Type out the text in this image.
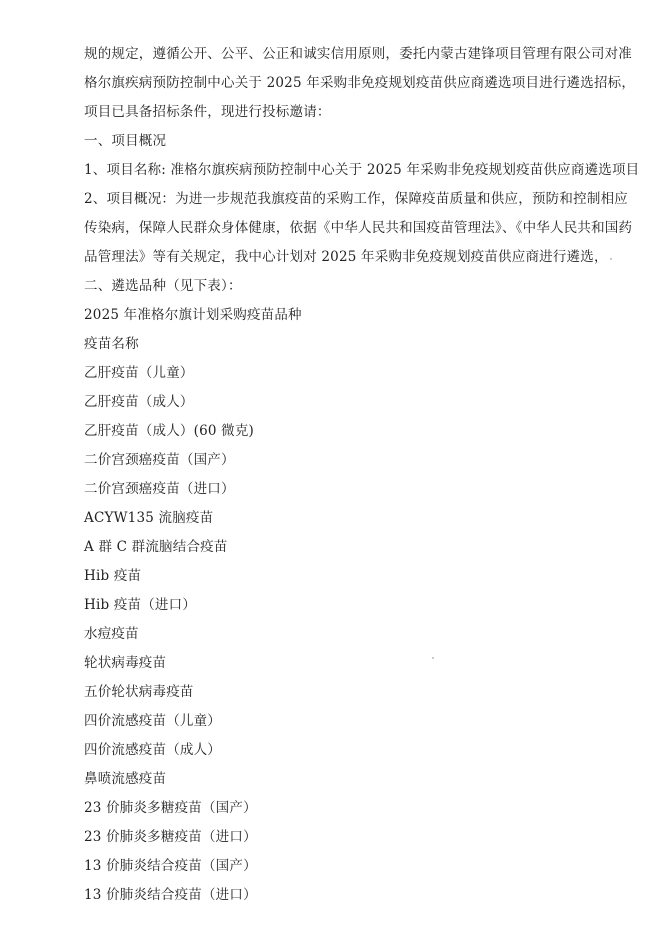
规的规定，遵循公开、公平、公正和诚实信用原则，委托内蒙古建锋项目管理有限公司对准
格尔旗疾病预防控制中心关于 2025 年采购非免疫规划疫苗供应商遴选项目进行遴选招标，
项目已具备招标条件，现进行投标邀请：
一、项目概况
1、项目名称: 准格尔旗疾病预防控制中心关于 2025 年采购非免疫规划疫苗供应商遴选项目
2、项目概况：为进一步规范我旗疫苗的采购工作，保障疫苗质量和供应，预防和控制相应
传染病，保障人民群众身体健康，依据《中华人民共和国疫苗管理法》、《中华人民共和国药
品管理法》等有关规定，我中心计划对 2025 年采购非免疫规划疫苗供应商进行遴选，
二、遴选品种（见下表）：
2025 年准格尔旗计划采购疫苗品种
疫苗名称
乙肝疫苗（儿童）
乙肝疫苗（成人）
乙肝疫苗（成人）(60 微克)
二价宫颈癌疫苗（国产）
二价宫颈癌疫苗（进口）
ACYW135 流脑疫苗
A 群 C 群流脑结合疫苗
Hib 疫苗
Hib 疫苗（进口）
水痘疫苗
轮状病毒疫苗
五价轮状病毒疫苗
四价流感疫苗（儿童）
四价流感疫苗（成人）
鼻喷流感疫苗
23 价肺炎多糖疫苗（国产）
23 价肺炎多糖疫苗（进口）
13 价肺炎结合疫苗（国产）
13 价肺炎结合疫苗（进口）
